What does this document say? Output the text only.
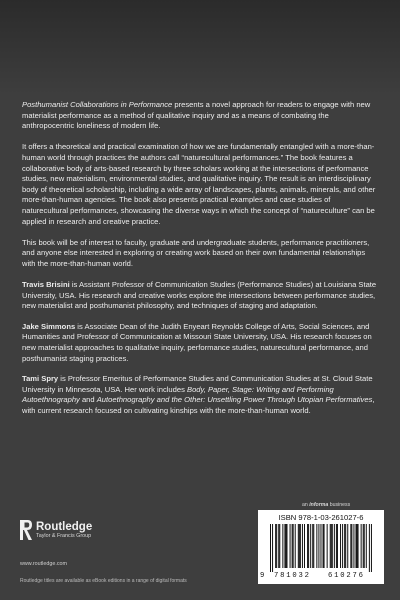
Posthumanist Collaborations in Performance presents a novel approach for readers to engage with new materialist performance as a method of qualitative inquiry and as a means of combating the anthropocentric loneliness of modern life.

It offers a theoretical and practical examination of how we are fundamentally entangled with a more-than-human world through practices the authors call “naturecultural performances.” The book features a collaborative body of arts-based research by three scholars working at the intersections of performance studies, new materialism, environmental studies, and qualitative inquiry. The result is an interdisciplinary body of theoretical scholarship, including a wide array of landscapes, plants, animals, minerals, and other more-than-human agencies. The book also presents practical examples and case studies of naturecultural performances, showcasing the diverse ways in which the concept of “natureculture” can be applied in research and creative practice.

This book will be of interest to faculty, graduate and undergraduate students, performance practitioners, and anyone else interested in exploring or creating work based on their own fundamental relationships with the more-than-human world.

Travis Brisini is Assistant Professor of Communication Studies (Performance Studies) at Louisiana State University, USA. His research and creative works explore the intersections between performance studies, new materialist and posthumanist philosophy, and techniques of staging and adaptation.

Jake Simmons is Associate Dean of the Judith Enyeart Reynolds College of Arts, Social Sciences, and Humanities and Professor of Communication at Missouri State University, USA. His research focuses on new materialist approaches to qualitative inquiry, performance studies, naturecultural performance, and posthumanist staging practices.

Tami Spry is Professor Emeritus of Performance Studies and Communication Studies at St. Cloud State University in Minnesota, USA. Her work includes Body, Paper, Stage: Writing and Performing Autoethnography and Autoethnography and the Other: Unsettling Power Through Utopian Performatives, with current research focused on cultivating kinships with the more-than-human world.

Routledge
Taylor & Francis Group
www.routledge.com
Routledge titles are available as eBook editions in a range of digital formats
an informa business
ISBN 978-1-03-261027-6
9 781032 610276
